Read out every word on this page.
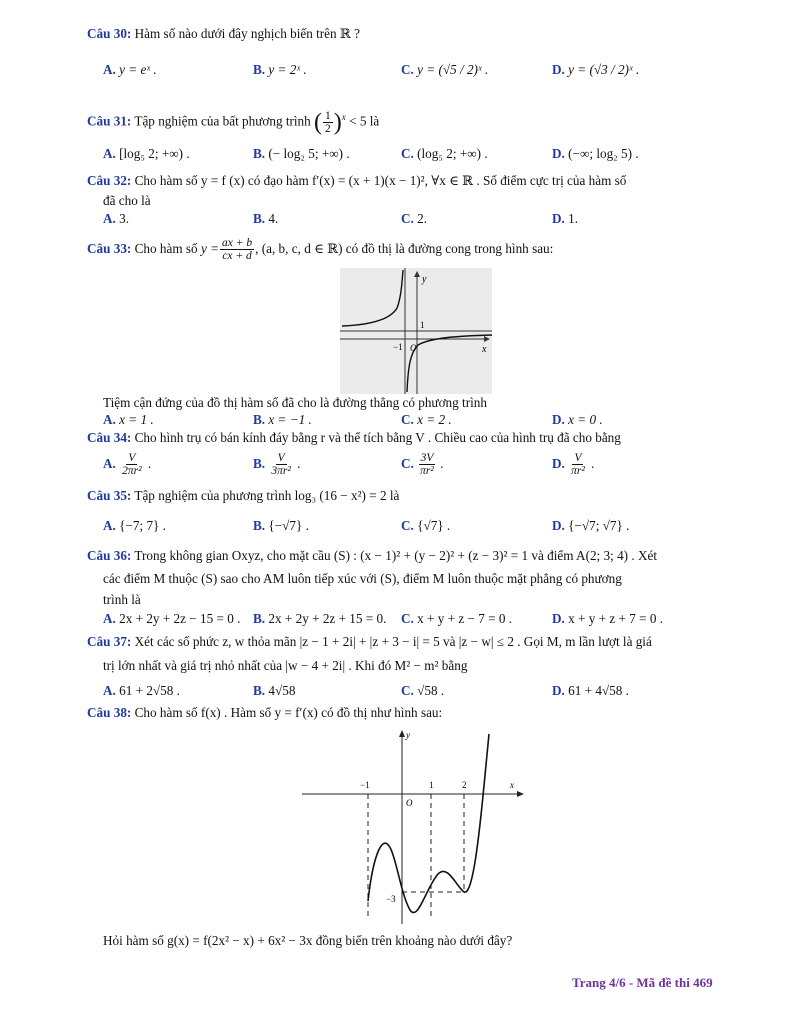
Câu 30: Hàm số nào dưới đây nghịch biến trên ℝ ?
A. y = eˣ .	B. y = 2ˣ .	C. y = (√5 / 2)ˣ .	D. y = (√3 / 2)ˣ .
Câu 31: Tập nghiệm của bất phương trình ( $\frac{1}{2} )^x < 5$ là
A. [log₅ 2; +∞) .	B. (− log₂ 5; +∞) .	C. (log₅ 2; +∞) .	D. (−∞; log₂ 5) .
Câu 32: Cho hàm số y = f (x) có đạo hàm f′(x) = (x + 1)(x − 1)², ∀x ∈ ℝ . Số điểm cực trị của hàm số
đã cho là
A. 3.	B. 4.	C. 2.	D. 1.
Câu 33: Cho hàm số $y = \frac{ax + b}{cx + d}$ , (a, b, c, d ∈ ℝ) có đồ thị là đường cong trong hình sau:
y
x
1
−1 O
Tiệm cận đứng của đồ thị hàm số đã cho là đường thẳng có phương trình
A. x = 1 .	B. x = −1 .	C. x = 2 .	D. x = 0 .
Câu 34: Cho hình trụ có bán kính đáy bằng r và thể tích bằng V . Chiều cao của hình trụ đã cho bằng
A. $\frac{V}{\text{2πr²}}$ .	B. $\frac{V}{\text{3πr²}}$ .	C. $\frac{3V}{\text{πr²}}$ .	D. $\frac{V}{\text{πr²}}$ .
Câu 35: Tập nghiệm của phương trình log₃ (16 − x²) = 2 là
A. {−7; 7} .	B. {−√7} .	C. {√7} .	D. {−√7; √7} .
Câu 36: Trong không gian Oxyz, cho mặt cầu (S) : (x − 1)² + (y − 2)² + (z − 3)² = 1 và điểm A(2; 3; 4) . Xét
các điểm M thuộc (S) sao cho AM luôn tiếp xúc với (S), điểm M luôn thuộc mặt phẳng có phương
trình là
A. 2x + 2y + 2z − 15 = 0 . B. 2x + 2y + 2z + 15 = 0. C. x + y + z − 7 = 0 .	D. x + y + z + 7 = 0 .
Câu 37: Xét các số phức z, w thỏa mãn |z − 1 + 2i| + |z + 3 − i| = 5 và |z − w| ≤ 2 . Gọi M, m lần lượt là giá
trị lớn nhất và giá trị nhỏ nhất của |w − 4 + 2i| . Khi đó M² − m² bằng
A. 61 + 2√58 .	B. 4√58	C. √58 .	D. 61 + 4√58 .
Câu 38: Cho hàm số f(x) . Hàm số y = f′(x) có đồ thị như hình sau:
y
x
−1	1	2
O
−3
Hỏi hàm số g(x) = f(2x² − x) + 6x² − 3x đồng biến trên khoảng nào dưới đây?
Trang 4/6 - Mã đề thi 469
